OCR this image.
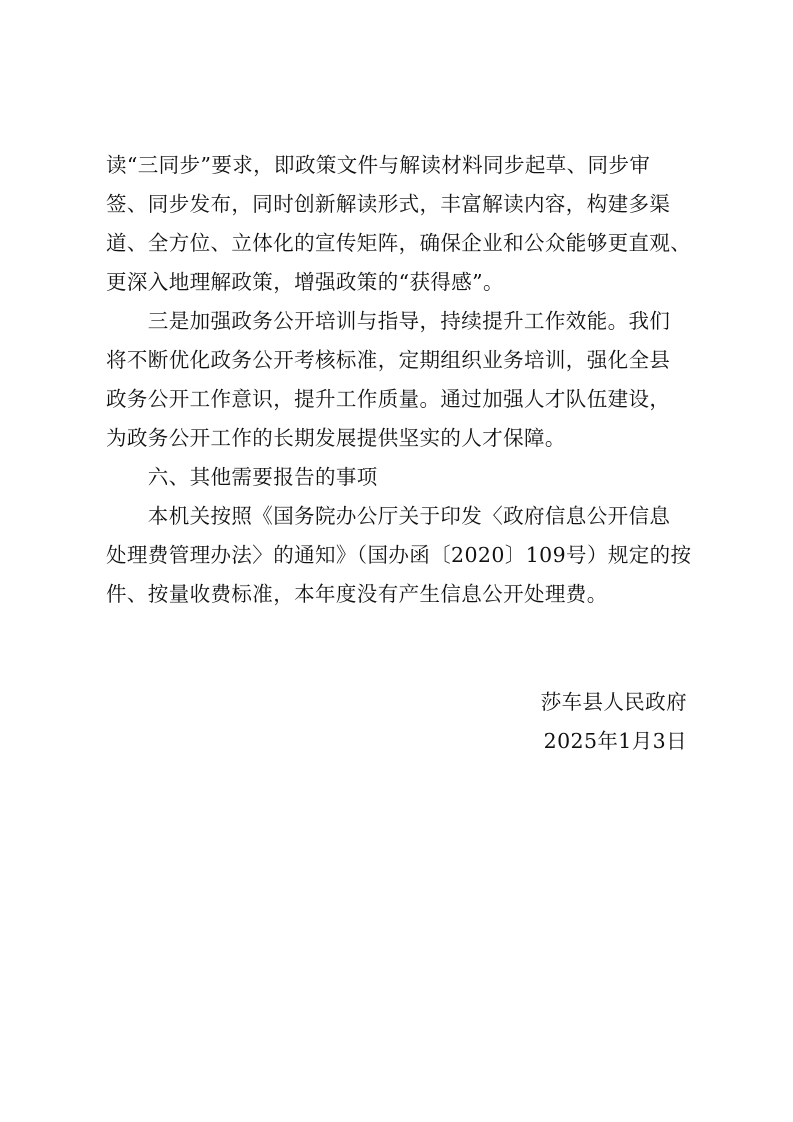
读“三同步”要求，即政策文件与解读材料同步起草、同步审
签、同步发布，同时创新解读形式，丰富解读内容，构建多渠
道、全方位、立体化的宣传矩阵，确保企业和公众能够更直观、
更深入地理解政策，增强政策的“获得感”。
　　三是加强政务公开培训与指导，持续提升工作效能。我们
将不断优化政务公开考核标准，定期组织业务培训，强化全县
政务公开工作意识，提升工作质量。通过加强人才队伍建设，
为政务公开工作的长期发展提供坚实的人才保障。
　　六、其他需要报告的事项
　　本机关按照《国务院办公厅关于印发〈政府信息公开信息
处理费管理办法〉的通知》（国办函〔2020〕109号）规定的按
件、按量收费标准，本年度没有产生信息公开处理费。
莎车县人民政府
2025年1月3日
